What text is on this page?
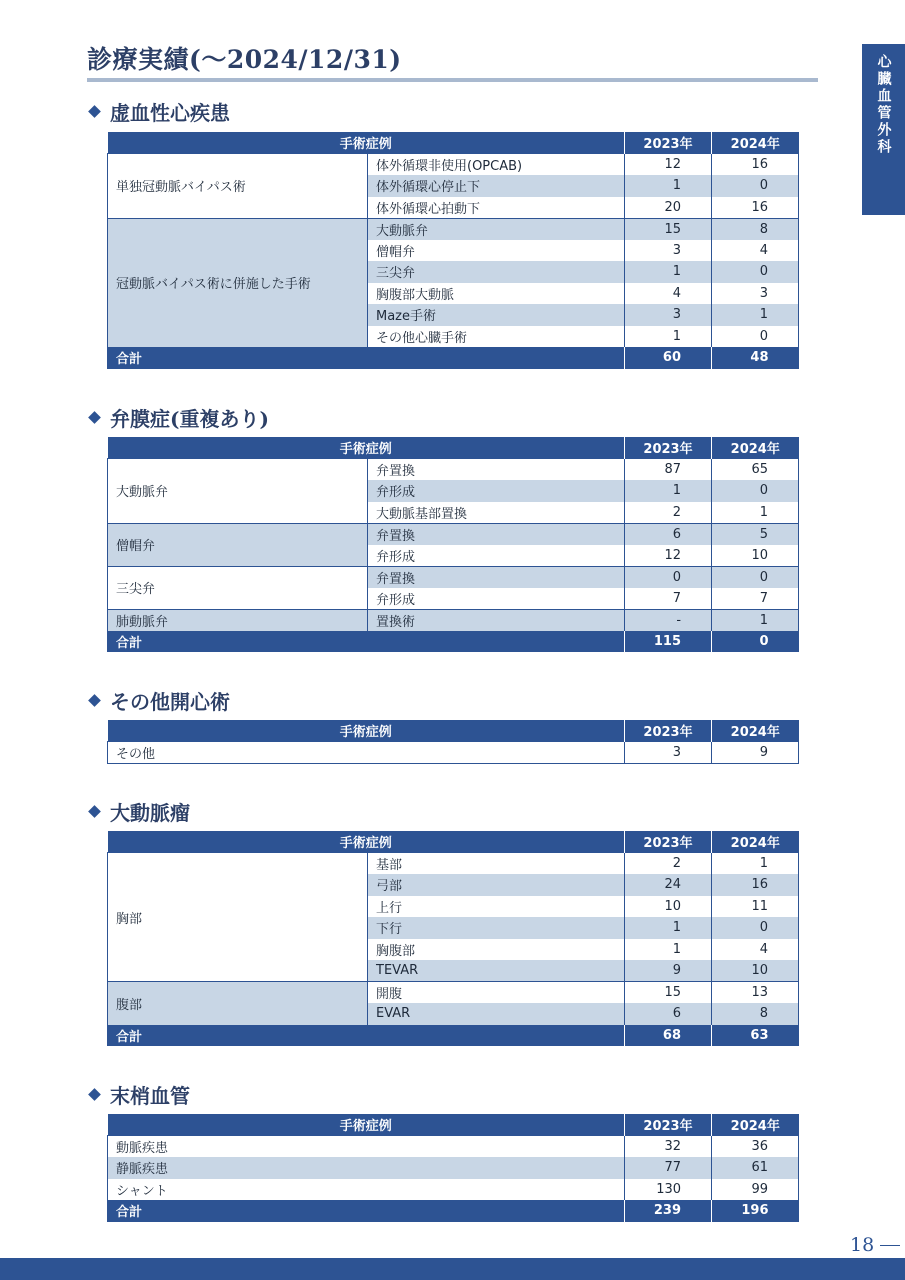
診療実績(～2024/12/31)	心臓血管外科
虚血性心疾患
手術症例		2023年	2024年
単独冠動脈バイパス術	体外循環非使用(OPCAB)	12	16
	体外循環心停止下	1	0
	体外循環心拍動下	20	16
冠動脈バイパス術に併施した手術	大動脈弁	15	8
	僧帽弁	3	4
	三尖弁	1	0
	胸腹部大動脈	4	3
	Maze手術	3	1
	その他心臓手術	1	0
合計		60	48
弁膜症(重複あり)
手術症例		2023年	2024年
大動脈弁	弁置換	87	65
	弁形成	1	0
	大動脈基部置換	2	1
僧帽弁	弁置換	6	5
	弁形成	12	10
三尖弁	弁置換	0	0
	弁形成	7	7
肺動脈弁	置換術	-	1
合計		115	0
その他開心術
手術症例	2023年	2024年
その他	3	9
大動脈瘤
手術症例		2023年	2024年
胸部	基部	2	1
	弓部	24	16
	上行	10	11
	下行	1	0
	胸腹部	1	4
	TEVAR	9	10
腹部	開腹	15	13
	EVAR	6	8
合計		68	63
末梢血管
手術症例	2023年	2024年
動脈疾患	32	36
静脈疾患	77	61
シャント	130	99
合計	239	196
18
